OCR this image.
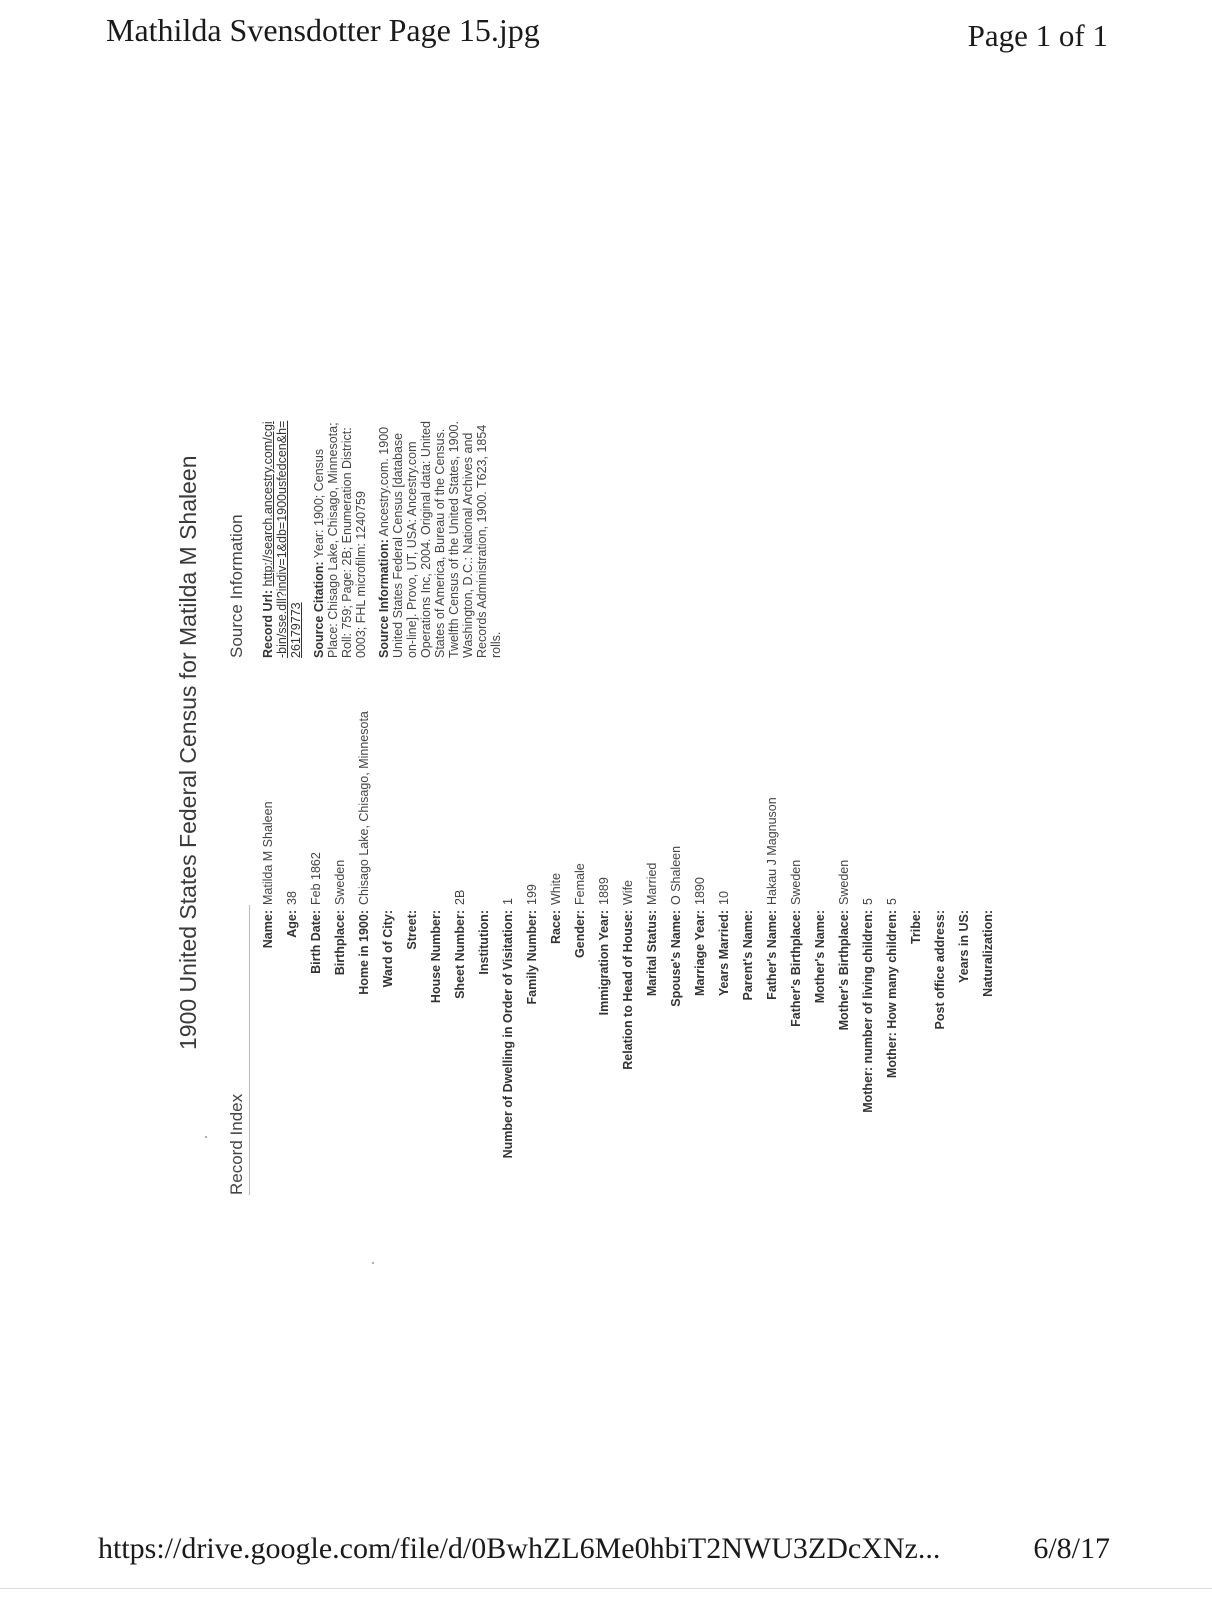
Mathilda Svensdotter Page 15.jpg	Page 1 of 1
1900 United States Federal Census for Matilda M Shaleen
Record Index
Source Information
Name:
Matilda M Shaleen
Age:
38
Birth Date:
Feb 1862
Birthplace:
Sweden
Home in 1900:
Chisago Lake, Chisago, Minnesota
Ward of City: Street: House Number: Sheet Number:
2B
Institution: Number of Dwelling in Order of Visitation:
1
Family Number:
199
Race:
White
Gender:
Female
Immigration Year:
1889
Relation to Head of House:
Wife
Marital Status:
Married
Spouse's Name:
O Shaleen
Marriage Year:
1890
Years Married:
10
Parent's Name: Father's Name:
Hakau J Magnuson
Father's Birthplace:
Sweden
Mother's Name: Mother's Birthplace:
Sweden
Mother: number of living children:
5
Mother: How many children:
5
Tribe: Post office address: Years in US: Naturalization:

Record Url: http://search.ancestry.com/cgi-bin/sse.dll?indiv=1&db=1900usfedcen&h=26179773 Source Citation: Year: 1900; Census Place: Chisago Lake, Chisago, Minnesota; Roll: 759; Page: 2B; Enumeration District: 0003; FHL microfilm: 1240759 Source Information: Ancestry.com. 1900 United States Federal Census [database on-line]. Provo, UT, USA: Ancestry.com Operations Inc, 2004. Original data: United States of America, Bureau of the Census. Twelfth Census of the United States, 1900. Washington, D.C.: National Archives and Records Administration, 1900. T623, 1854 rolls.

https://drive.google.com/file/d/0BwhZL6Me0hbiT2NWU3ZDcXNz...	6/8/17
